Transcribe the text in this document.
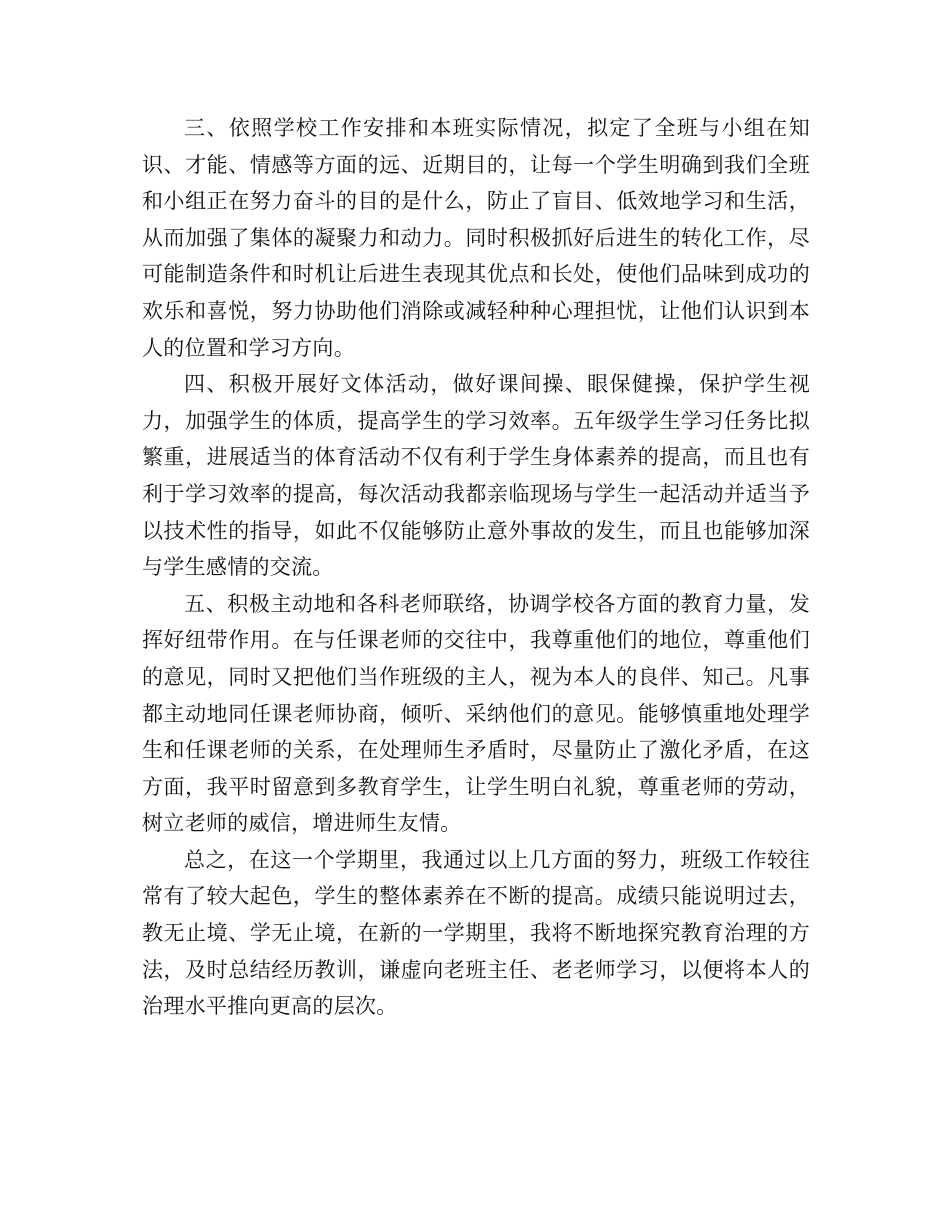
三、依照学校工作安排和本班实际情况，拟定了全班与小组在知识、才能、情感等方面的远、近期目的，让每一个学生明确到我们全班和小组正在努力奋斗的目的是什么，防止了盲目、低效地学习和生活，从而加强了集体的凝聚力和动力。同时积极抓好后进生的转化工作，尽可能制造条件和时机让后进生表现其优点和长处，使他们品味到成功的欢乐和喜悦，努力协助他们消除或减轻种种心理担忧，让他们认识到本人的位置和学习方向。

四、积极开展好文体活动，做好课间操、眼保健操，保护学生视力，加强学生的体质，提高学生的学习效率。五年级学生学习任务比拟繁重，进展适当的体育活动不仅有利于学生身体素养的提高，而且也有利于学习效率的提高，每次活动我都亲临现场与学生一起活动并适当予以技术性的指导，如此不仅能够防止意外事故的发生，而且也能够加深与学生感情的交流。

五、积极主动地和各科老师联络，协调学校各方面的教育力量，发挥好纽带作用。在与任课老师的交往中，我尊重他们的地位，尊重他们的意见，同时又把他们当作班级的主人，视为本人的良伴、知己。凡事都主动地同任课老师协商，倾听、采纳他们的意见。能够慎重地处理学生和任课老师的关系，在处理师生矛盾时，尽量防止了激化矛盾，在这方面，我平时留意到多教育学生，让学生明白礼貌，尊重老师的劳动，树立老师的威信，增进师生友情。

总之，在这一个学期里，我通过以上几方面的努力，班级工作较往常有了较大起色，学生的整体素养在不断的提高。成绩只能说明过去，教无止境、学无止境，在新的一学期里，我将不断地探究教育治理的方法，及时总结经历教训，谦虚向老班主任、老老师学习，以便将本人的治理水平推向更高的层次。
